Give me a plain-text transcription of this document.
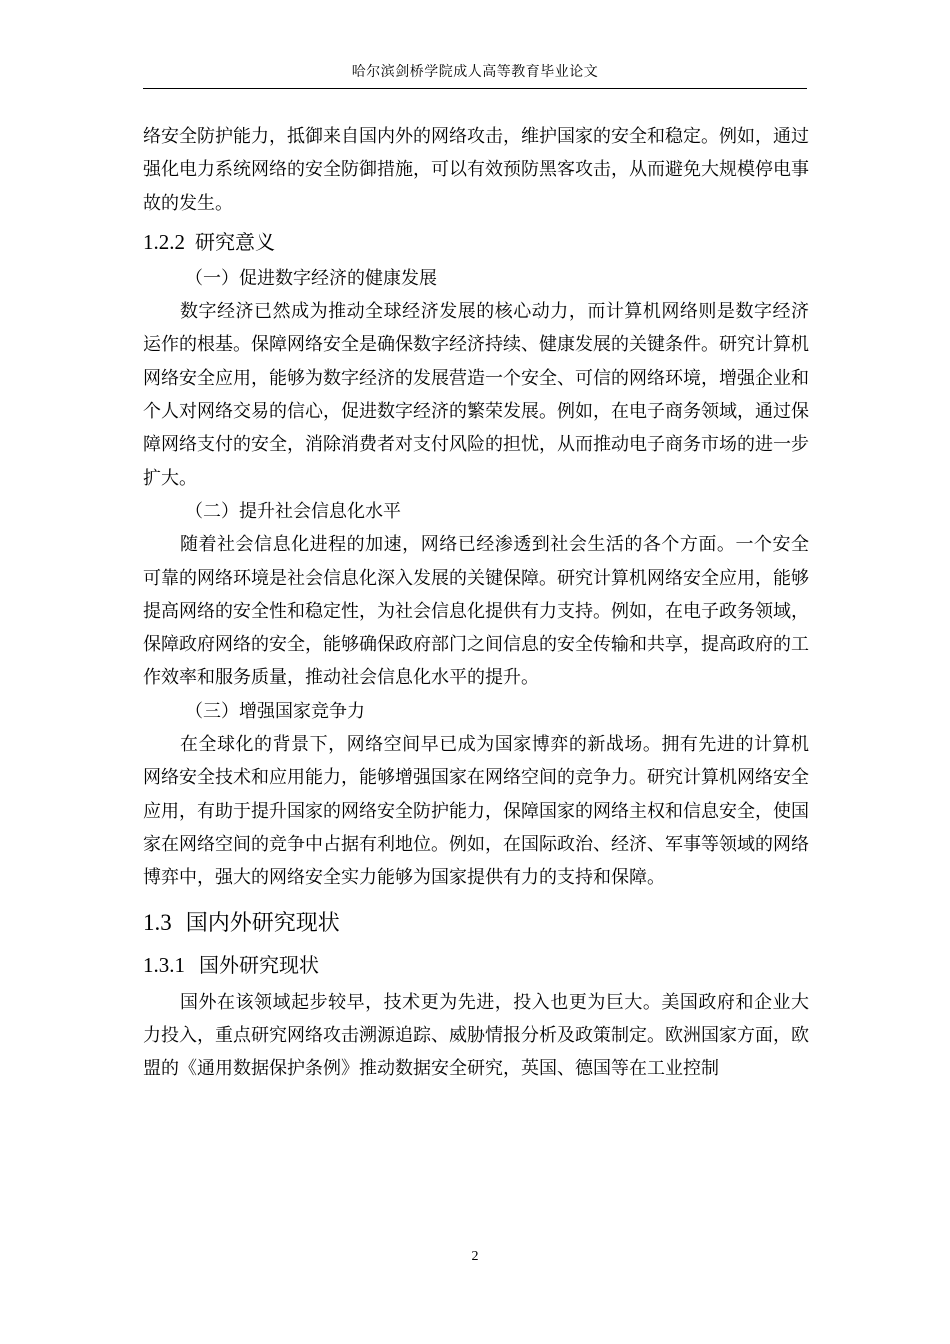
哈尔滨剑桥学院成人高等教育毕业论文

络安全防护能力，抵御来自国内外的网络攻击，维护国家的安全和稳定。例如，通过强化电力系统网络的安全防御措施，可以有效预防黑客攻击，从而避免大规模停电事故的发生。

1.2.2 研究意义

（一）促进数字经济的健康发展

数字经济已然成为推动全球经济发展的核心动力，而计算机网络则是数字经济运作的根基。保障网络安全是确保数字经济持续、健康发展的关键条件。研究计算机网络安全应用，能够为数字经济的发展营造一个安全、可信的网络环境，增强企业和个人对网络交易的信心，促进数字经济的繁荣发展。例如，在电子商务领域，通过保障网络支付的安全，消除消费者对支付风险的担忧，从而推动电子商务市场的进一步扩大。

（二）提升社会信息化水平

随着社会信息化进程的加速，网络已经渗透到社会生活的各个方面。一个安全可靠的网络环境是社会信息化深入发展的关键保障。研究计算机网络安全应用，能够提高网络的安全性和稳定性，为社会信息化提供有力支持。例如，在电子政务领域，保障政府网络的安全，能够确保政府部门之间信息的安全传输和共享，提高政府的工作效率和服务质量，推动社会信息化水平的提升。

（三）增强国家竞争力

在全球化的背景下，网络空间早已成为国家博弈的新战场。拥有先进的计算机网络安全技术和应用能力，能够增强国家在网络空间的竞争力。研究计算机网络安全应用，有助于提升国家的网络安全防护能力，保障国家的网络主权和信息安全，使国家在网络空间的竞争中占据有利地位。例如，在国际政治、经济、军事等领域的网络博弈中，强大的网络安全实力能够为国家提供有力的支持和保障。

1.3 国内外研究现状
1.3.1 国外研究现状

国外在该领域起步较早，技术更为先进，投入也更为巨大。美国政府和企业大力投入，重点研究网络攻击溯源追踪、威胁情报分析及政策制定。欧洲国家方面，欧盟的《通用数据保护条例》推动数据安全研究，英国、德国等在工业控制

2
